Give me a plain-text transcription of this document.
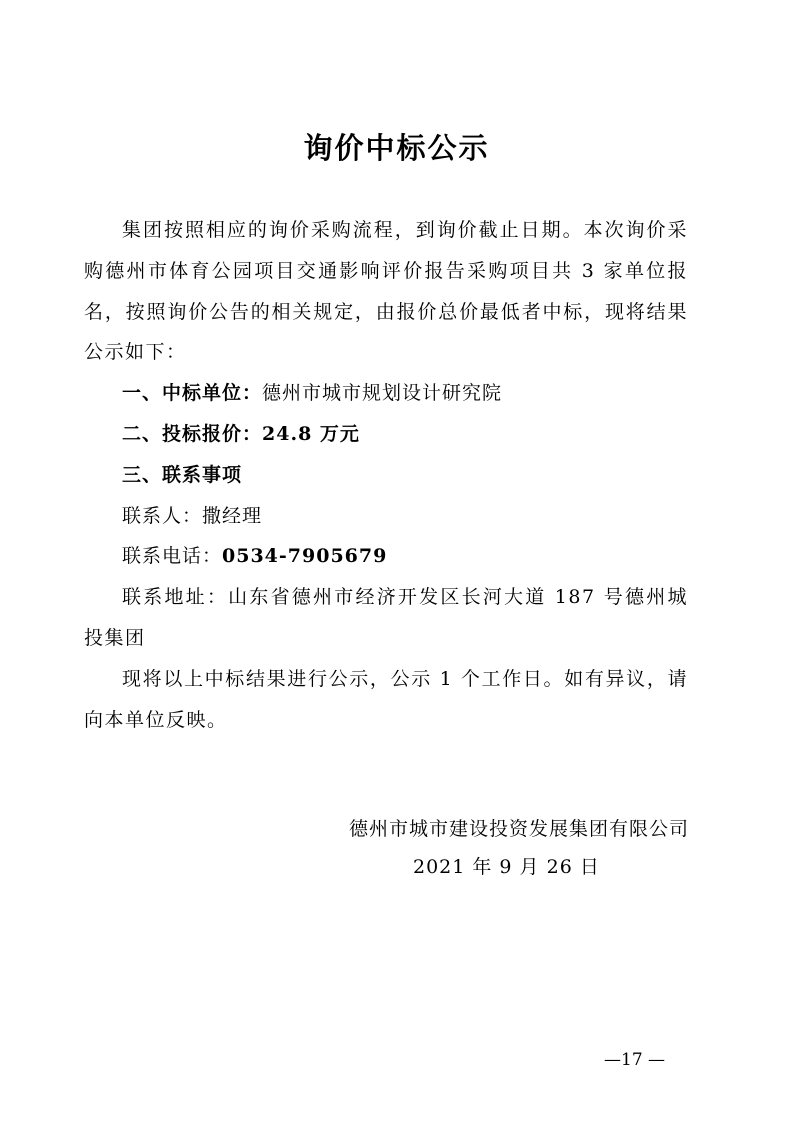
询价中标公示

集团按照相应的询价采购流程，到询价截止日期。本次询价采购德州市体育公园项目交通影响评价报告采购项目共 3 家单位报名，按照询价公告的相关规定，由报价总价最低者中标，现将结果公示如下：

一、中标单位：德州市城市规划设计研究院

二、投标报价：24.8 万元

三、联系事项

联系人：撒经理

联系电话：0534-7905679

联系地址：山东省德州市经济开发区长河大道 187 号德州城投集团

现将以上中标结果进行公示，公示 1 个工作日。如有异议，请向本单位反映。

德州市城市建设投资发展集团有限公司
2021 年 9 月 26 日
—17 —
